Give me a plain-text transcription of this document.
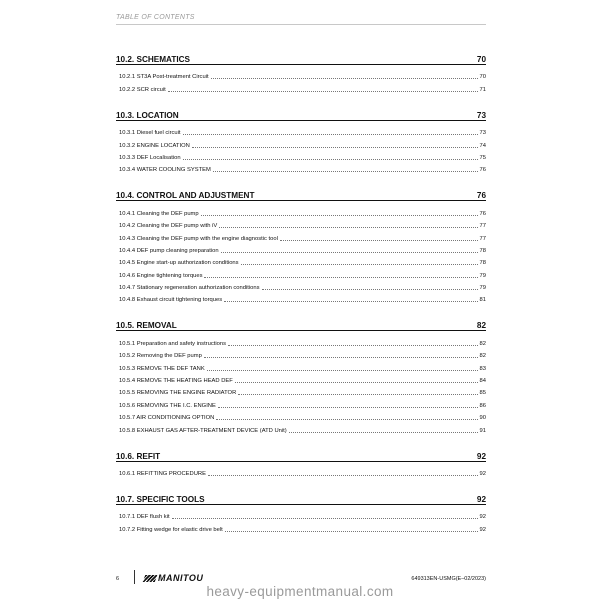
TABLE OF CONTENTS
10.2. SCHEMATICS	70
10.2.1 ST3A Post-treatment Circuit	70
10.2.2 SCR circuit	71
10.3. LOCATION	73
10.3.1 Diesel fuel circuit	73
10.3.2 ENGINE LOCATION	74
10.3.3 DEF Localisation	75
10.3.4 WATER COOLING SYSTEM	76
10.4. CONTROL AND ADJUSTMENT	76
10.4.1 Cleaning the DEF pump	76
10.4.2 Cleaning the DEF pump with iV	77
10.4.3 Cleaning the DEF pump with the engine diagnostic tool	77
10.4.4 DEF pump cleaning preparation	78
10.4.5 Engine start-up authorization conditions	78
10.4.6 Engine tightening torques	79
10.4.7 Stationary regeneration authorization conditions	79
10.4.8 Exhaust circuit tightening torques	81
10.5. REMOVAL	82
10.5.1 Preparation and safety instructions	82
10.5.2 Removing the DEF pump	82
10.5.3 REMOVE THE DEF TANK	83
10.5.4 REMOVE THE HEATING HEAD DEF	84
10.5.5 REMOVING THE ENGINE RADIATOR	85
10.5.6 REMOVING THE I.C. ENGINE	86
10.5.7 AIR CONDITIONING OPTION	90
10.5.8 EXHAUST GAS AFTER-TREATMENT DEVICE (ATD Unit)	91
10.6. REFIT	92
10.6.1 REFITTING PROCEDURE	92
10.7. SPECIFIC TOOLS	92
10.7.1 DEF flush kit	92
10.7.2 Fitting wedge for elastic drive belt	92
6	MANITOU	649313EN-USMG(E–02/2023)
heavy-equipmentmanual.com
